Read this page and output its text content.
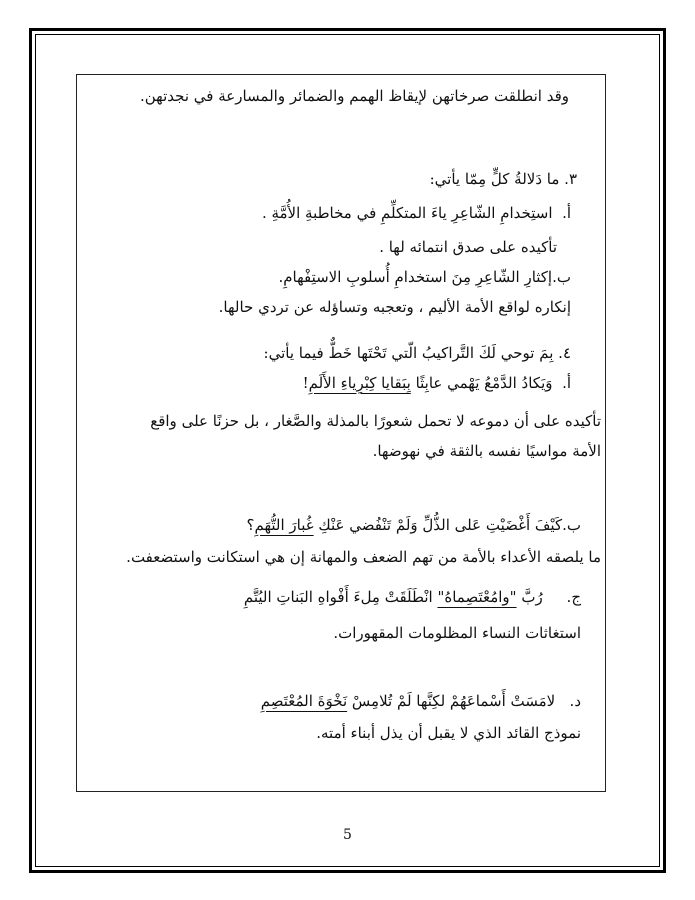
وقد انطلقت صرخاتهن لإيقاظ الهمم والضمائر والمسارعة في نجدتهن.
٣. ما دَلالةُ كلٍّ مِمّا يأتي:
أ.  استِخدامِ الشّاعِرِ ياءَ المتكلِّمِ في مخاطبةِ الأُمَّةِ .
تأكيده على صدق انتمائه لها .
ب.إكثارِ الشّاعِرِ مِنَ استخدامِ أُسلوبِ الاستِفْهامِ.
إنكاره لواقع الأمة الأليم ، وتعجبه وتساؤله عن تردي حالها.
٤. بِمَ توحي لَكَ التَّراكيبُ الّتي تَحْتَها خَطٌّ فيما يأتي:
أ.  وَيَكادُ الدَّمْعُ يَهْمي عابِثًا بِبَقايا كِبْرِياءِ الأَلَمِ!
تأكيده على أن دموعه لا تحمل شعورًا بالمذلة والصَّغار ، بل حزنًا على واقع
الأمة مواسيًا نفسه بالثقة في نهوضها.
ب.كَيْفَ أَغْضَيْتِ عَلى الذُّلِّ وَلَمْ تَنْفُضي عَنْكِ غُبارَ التُّهَمِ؟
ما يلصقه الأعداء بالأمة من تهم الضعف والمهانة إن هي استكانت واستضعفت.
ج.     رُبَّ "وامُعْتَصِماهُ" انْطَلَقَتْ مِلءَ أَفْواهِ البَناتِ اليُتَّمِ
استغاثات النساء المظلومات المقهورات.
د.   لامَسَتْ أَسْماعَهُمْ لكِنَّها لَمْ تُلامِسْ نَخْوَةَ المُعْتَصِمِ
نموذج القائد الذي لا يقبل أن يذل أبناء أمته.
5
